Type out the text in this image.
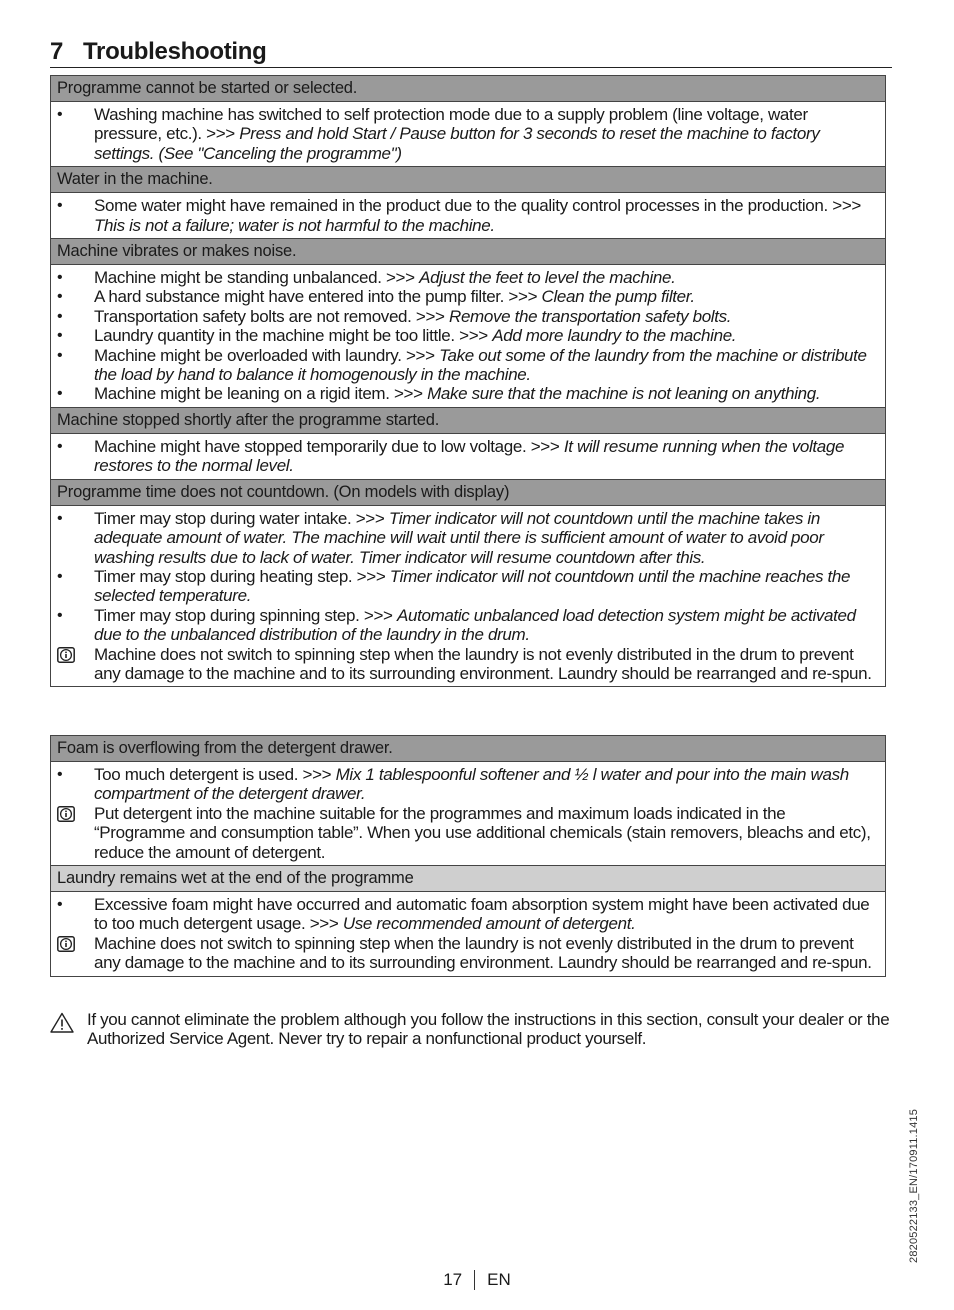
7 Troubleshooting
Programme cannot be started or selected.
•	Washing machine has switched to self protection mode due to a supply problem (line voltage, water pressure, etc.). >>> Press and hold Start / Pause button for 3 seconds to reset the machine to factory settings. (See "Canceling the programme")
Water in the machine.
•	Some water might have remained in the product due to the quality control processes in the production. >>> This is not a failure; water is not harmful to the machine.
Machine vibrates or makes noise.
•	Machine might be standing unbalanced. >>> Adjust the feet to level the machine.
•	A hard substance might have entered into the pump filter. >>> Clean the pump filter.
•	Transportation safety bolts are not removed. >>> Remove the transportation safety bolts.
•	Laundry quantity in the machine might be too little. >>> Add more laundry to the machine.
•	Machine might be overloaded with laundry. >>> Take out some of the laundry from the machine or distribute the load by hand to balance it homogenously in the machine.
•	Machine might be leaning on a rigid item. >>> Make sure that the machine is not leaning on anything.
Machine stopped shortly after the programme started.
•	Machine might have stopped temporarily due to low voltage. >>> It will resume running when the voltage restores to the normal level.
Programme time does not countdown. (On models with display)
•	Timer may stop during water intake. >>> Timer indicator will not countdown until the machine takes in adequate amount of water. The machine will wait until there is sufficient amount of water to avoid poor washing results due to lack of water. Timer indicator will resume countdown after this.
•	Timer may stop during heating step. >>> Timer indicator will not countdown until the machine reaches the selected temperature.
•	Timer may stop during spinning step. >>> Automatic unbalanced load detection system might be activated due to the unbalanced distribution of the laundry in the drum.
Machine does not switch to spinning step when the laundry is not evenly distributed in the drum to prevent any damage to the machine and to its surrounding environment. Laundry should be rearranged and re-spun.
Foam is overflowing from the detergent drawer.
•	Too much detergent is used. >>> Mix 1 tablespoonful softener and ½ l water and pour into the main wash compartment of the detergent drawer.
Put detergent into the machine suitable for the programmes and maximum loads indicated in the “Programme and consumption table”. When you use additional chemicals (stain removers, bleachs and etc), reduce the amount of detergent.
Laundry remains wet at the end of the programme
•	Excessive foam might have occurred and automatic foam absorption system might have been activated due to too much detergent usage. >>> Use recommended amount of detergent.
Machine does not switch to spinning step when the laundry is not evenly distributed in the drum to prevent any damage to the machine and to its surrounding environment. Laundry should be rearranged and re-spun.
If you cannot eliminate the problem although you follow the instructions in this section, consult your dealer or the Authorized Service Agent. Never try to repair a nonfunctional product yourself.
17 EN
2820522133_EN/170911.1415
